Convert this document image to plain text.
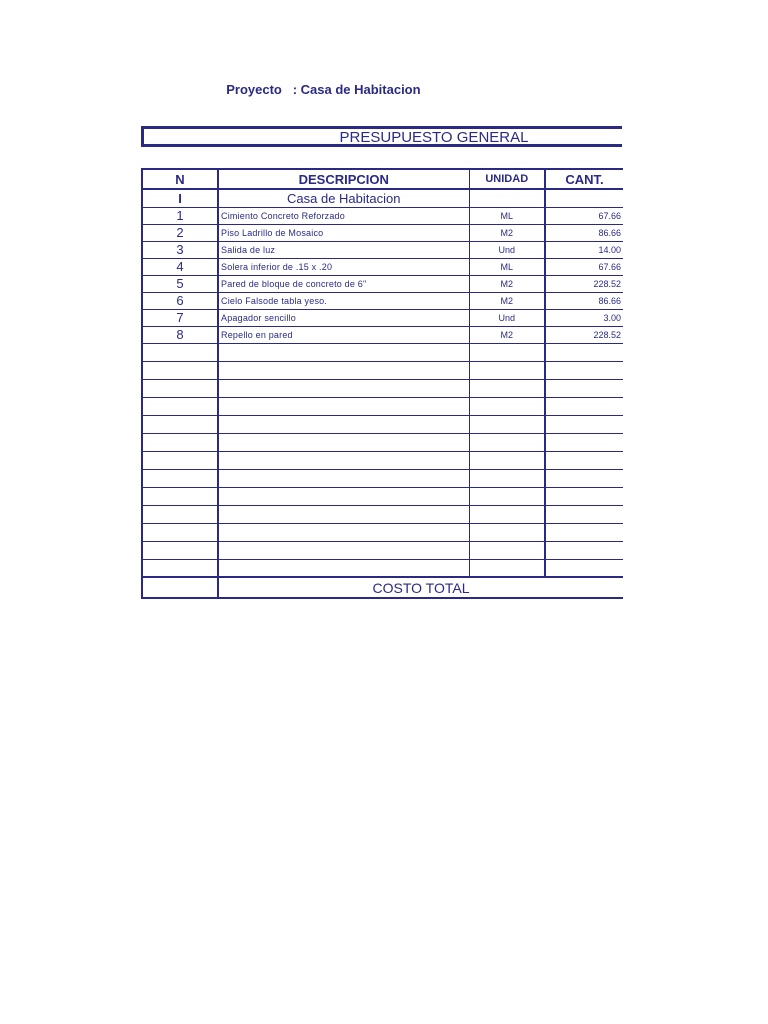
Proyecto   : Casa de Habitacion

PRESUPUESTO GENERAL
N	DESCRIPCION	UNIDAD	CANT.
I	Casa de Habitacion		
1	Cimiento Concreto Reforzado	ML	67.66
2	Piso Ladrillo de Mosaico	M2	86.66
3	Salida de luz	Und	14.00
4	Solera inferior de .15 x .20	ML	67.66
5	Pared de bloque de concreto de 6"	M2	228.52
6	Cielo Falsode tabla yeso.	M2	86.66
7	Apagador sencillo	Und	3.00
8	Repello en pared	M2	228.52

	COSTO TOTAL		
